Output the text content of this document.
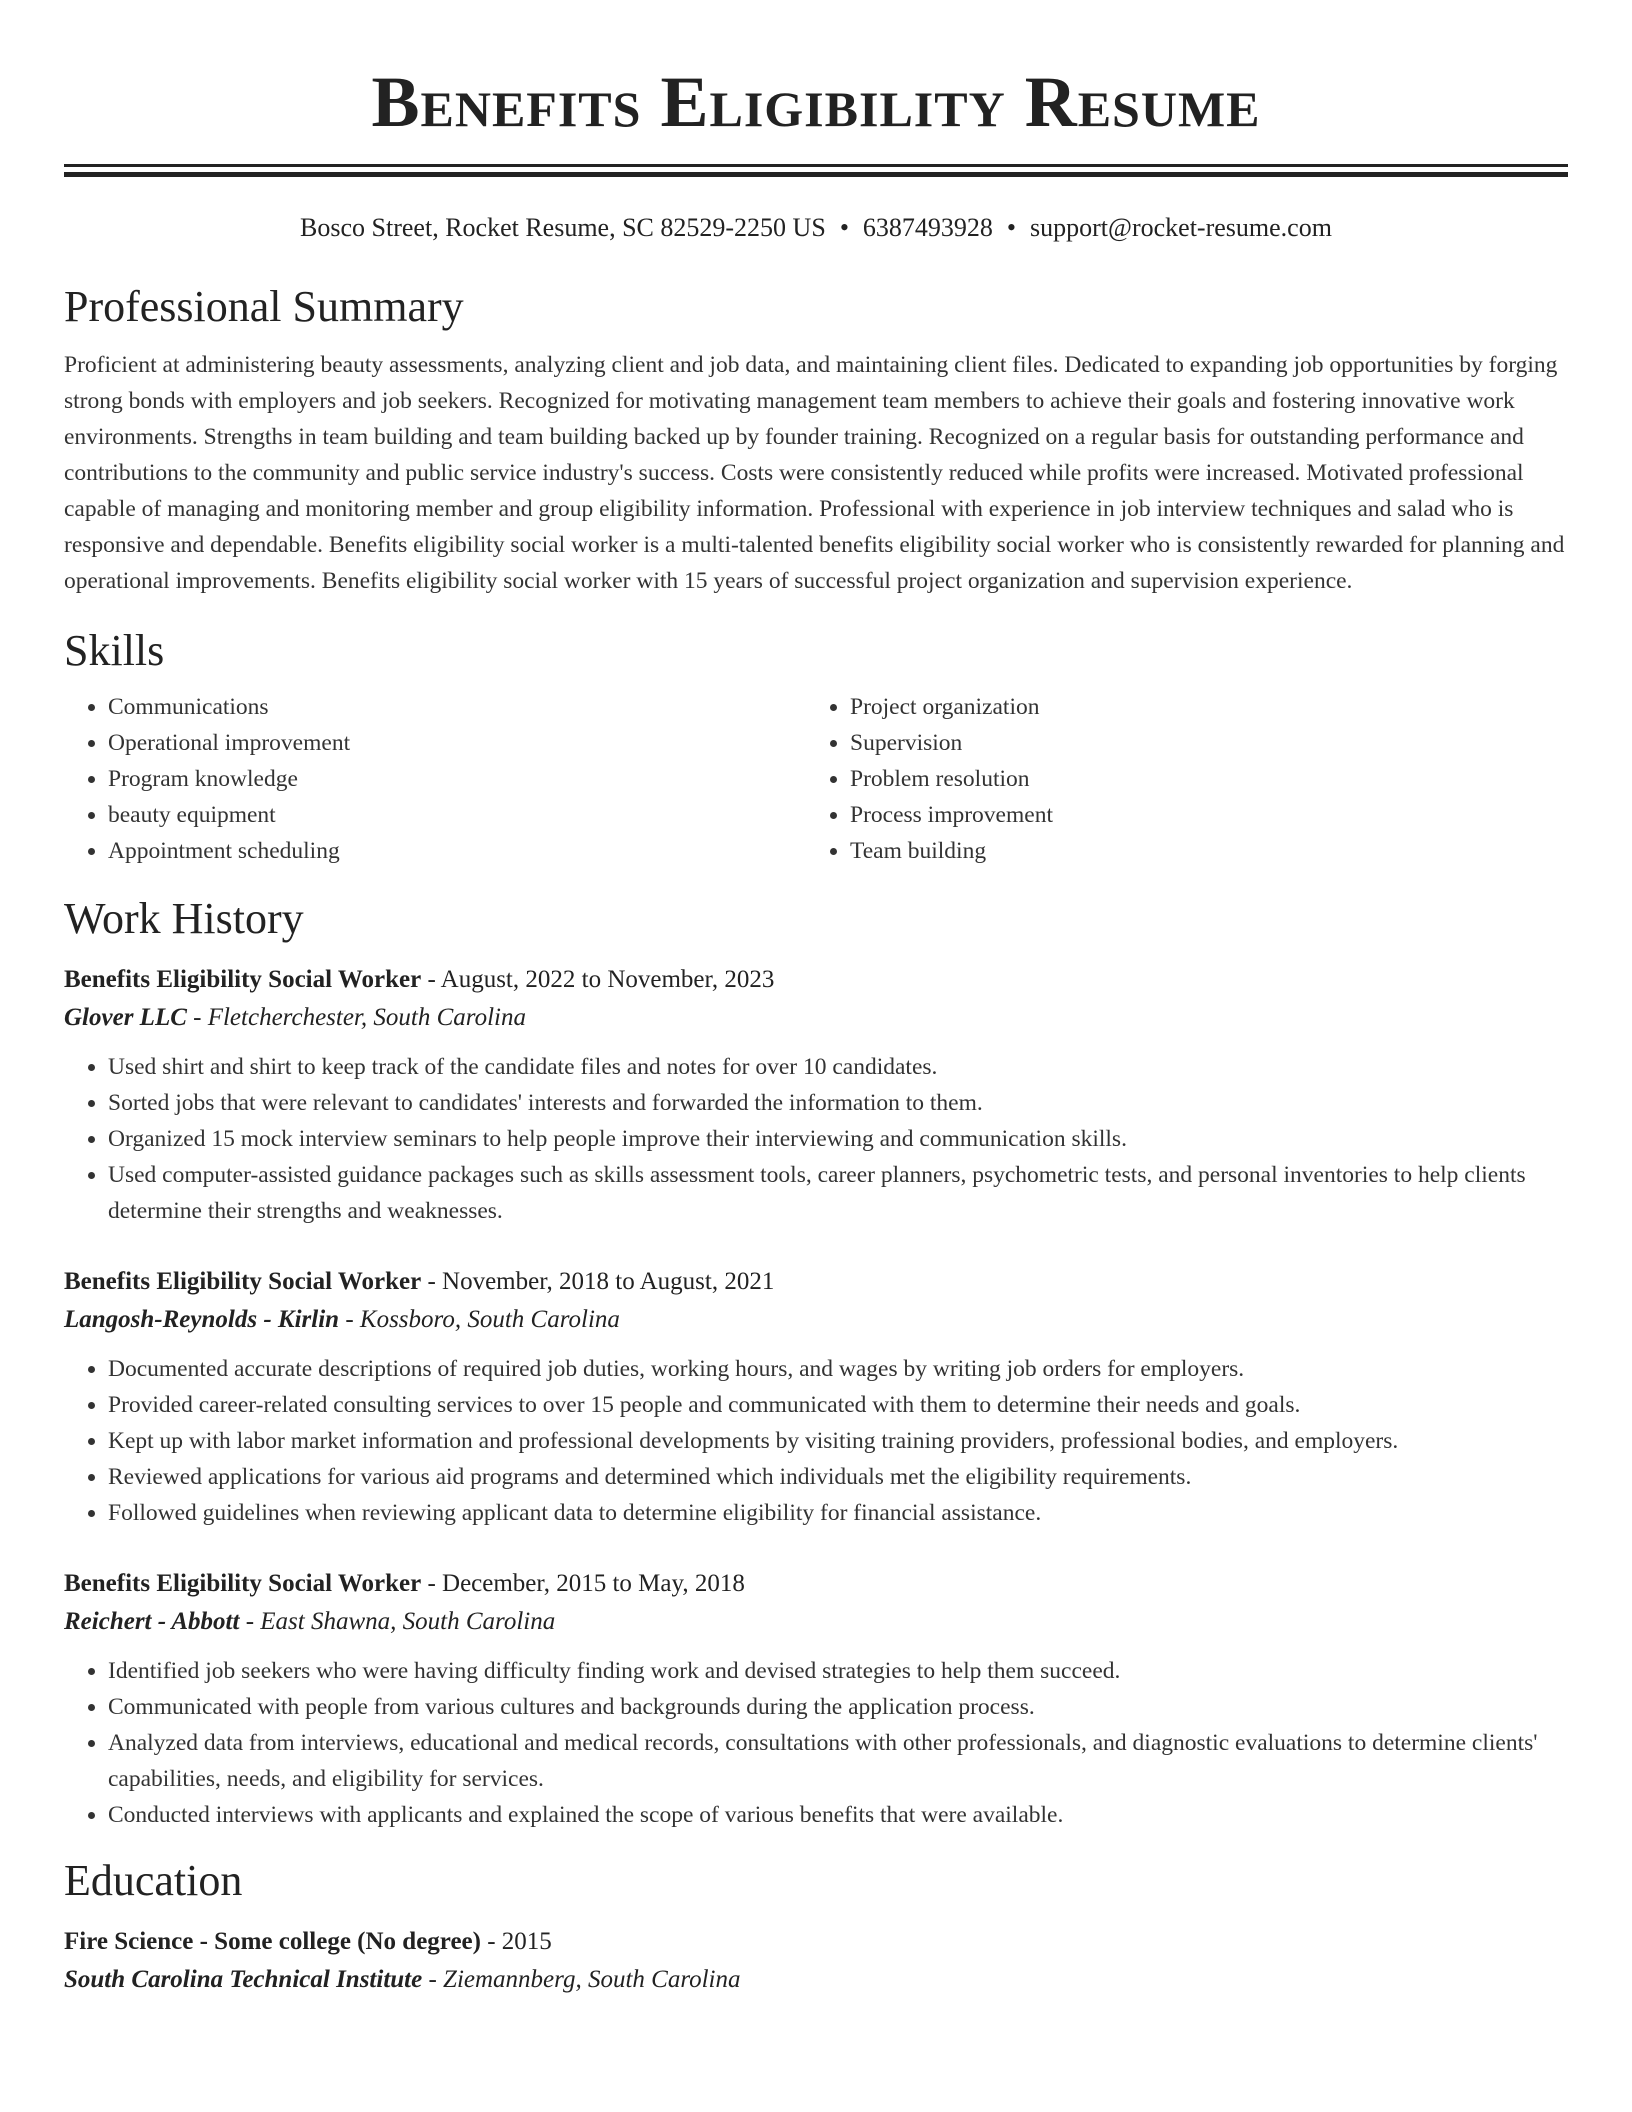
Benefits Eligibility Resume
Bosco Street, Rocket Resume, SC 82529-2250 US • 6387493928 • support@rocket-resume.com
Professional Summary

Proficient at administering beauty assessments, analyzing client and job data, and maintaining client files. Dedicated to expanding job opportunities by forging strong bonds with employers and job seekers. Recognized for motivating management team members to achieve their goals and fostering innovative work environments. Strengths in team building and team building backed up by founder training. Recognized on a regular basis for outstanding performance and contributions to the community and public service industry's success. Costs were consistently reduced while profits were increased. Motivated professional capable of managing and monitoring member and group eligibility information. Professional with experience in job interview techniques and salad who is responsive and dependable. Benefits eligibility social worker is a multi-talented benefits eligibility social worker who is consistently rewarded for planning and operational improvements. Benefits eligibility social worker with 15 years of successful project organization and supervision experience.

Skills
• Communications
• Operational improvement
• Program knowledge
• beauty equipment
• Appointment scheduling
• Project organization
• Supervision
• Problem resolution
• Process improvement
• Team building
Work History
Benefits Eligibility Social Worker - August, 2022 to November, 2023
Glover LLC - Fletcherchester, South Carolina
• Used shirt and shirt to keep track of the candidate files and notes for over 10 candidates.
• Sorted jobs that were relevant to candidates' interests and forwarded the information to them.
• Organized 15 mock interview seminars to help people improve their interviewing and communication skills.
• Used computer-assisted guidance packages such as skills assessment tools, career planners, psychometric tests, and personal inventories to help clients determine their strengths and weaknesses.
Benefits Eligibility Social Worker - November, 2018 to August, 2021
Langosh-Reynolds - Kirlin - Kossboro, South Carolina
• Documented accurate descriptions of required job duties, working hours, and wages by writing job orders for employers.
• Provided career-related consulting services to over 15 people and communicated with them to determine their needs and goals.
• Kept up with labor market information and professional developments by visiting training providers, professional bodies, and employers.
• Reviewed applications for various aid programs and determined which individuals met the eligibility requirements.
• Followed guidelines when reviewing applicant data to determine eligibility for financial assistance.
Benefits Eligibility Social Worker - December, 2015 to May, 2018
Reichert - Abbott - East Shawna, South Carolina
• Identified job seekers who were having difficulty finding work and devised strategies to help them succeed.
• Communicated with people from various cultures and backgrounds during the application process.
• Analyzed data from interviews, educational and medical records, consultations with other professionals, and diagnostic evaluations to determine clients' capabilities, needs, and eligibility for services.
• Conducted interviews with applicants and explained the scope of various benefits that were available.
Education
Fire Science - Some college (No degree) - 2015
South Carolina Technical Institute - Ziemannberg, South Carolina
